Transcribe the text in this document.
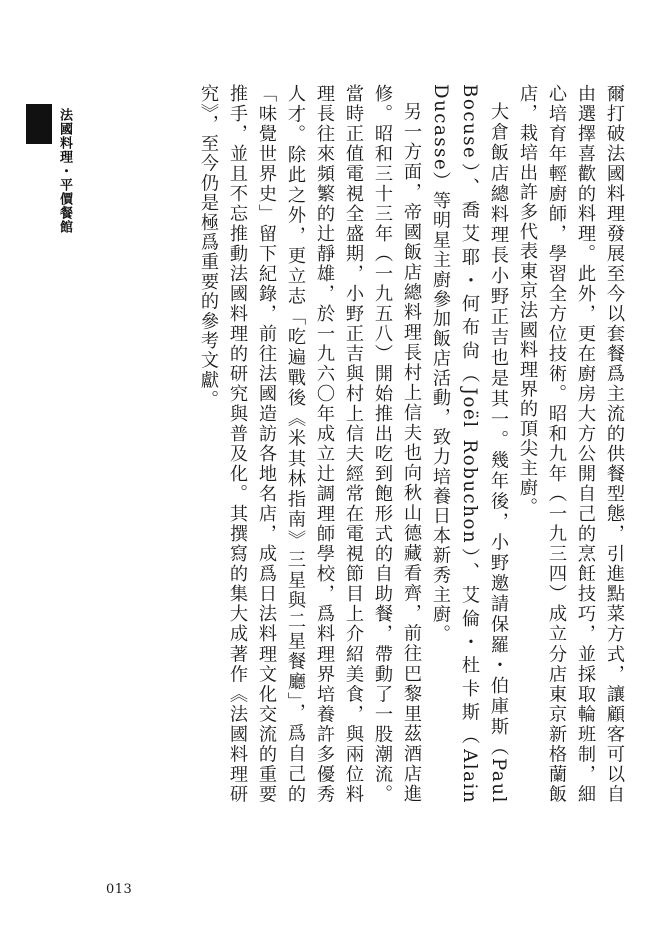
法國料理・平價餐館	爾打破法國料理發展至今以套餐爲主流的供餐型態，引進點菜方式，讓顧客可以自由選擇喜歡的料理。此外，更在廚房大方公開自己的烹飪技巧，並採取輪班制，細心培育年輕廚師，學習全方位技術。昭和九年（一九三四）成立分店東京新格蘭飯店，栽培出許多代表東京法國料理界的頂尖主廚。

大倉飯店總料理長小野正吉也是其一。幾年後，小野邀請保羅・伯庫斯（Paul Bocuse）、喬艾耶・何布尙（Joël Robuchon）、艾倫・杜卡斯（Alain Ducasse）等明星主廚參加飯店活動，致力培養日本新秀主廚。

另一方面，帝國飯店總料理長村上信夫也向秋山德藏看齊，前往巴黎里茲酒店進修。昭和三十三年（一九五八）開始推出吃到飽形式的自助餐，帶動了一股潮流。當時正值電視全盛期，小野正吉與村上信夫經常在電視節目上介紹美食，與兩位料理長往來頻繁的辻靜雄，於一九六〇年成立辻調理師學校，爲料理界培養許多優秀人才。除此之外，更立志「吃遍戰後《米其林指南》三星與二星餐廳」，爲自己的「味覺世界史」留下紀錄，前往法國造訪各地名店，成爲日法料理文化交流的重要推手，並且不忘推動法國料理的研究與普及化。其撰寫的集大成著作《法國料理研究》，至今仍是極爲重要的參考文獻。

013
